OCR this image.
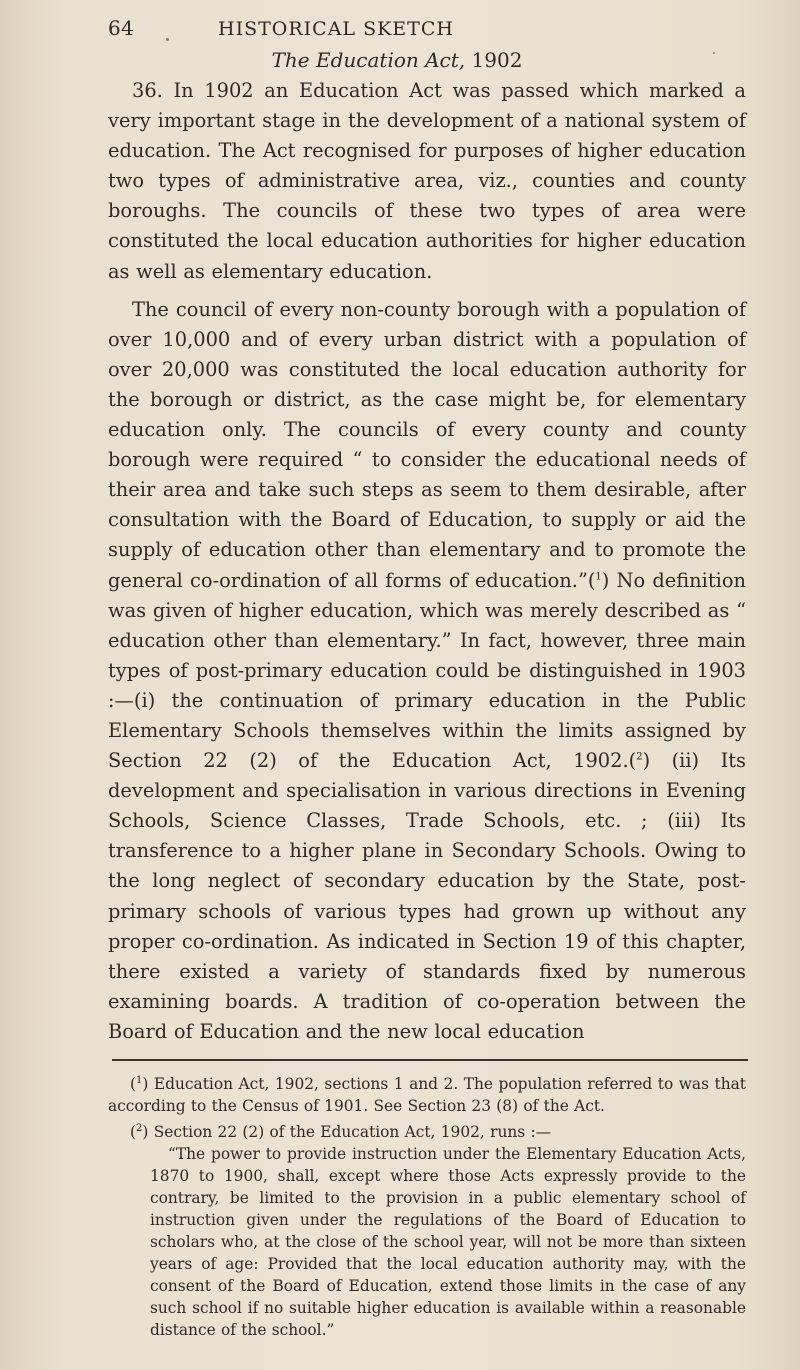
64	HISTORICAL SKETCH
The Education Act, 1902

36. In 1902 an Education Act was passed which marked a very important stage in the development of a national system of education. The Act recognised for purposes of higher education two types of administrative area, viz., counties and county boroughs. The councils of these two types of area were constituted the local education authorities for higher education as well as elementary education.

The council of every non-county borough with a population of over 10,000 and of every urban district with a population of over 20,000 was constituted the local education authority for the borough or district, as the case might be, for elementary education only. The councils of every county and county borough were required “ to consider the educational needs of their area and take such steps as seem to them desirable, after consultation with the Board of Education, to supply or aid the supply of education other than elementary and to promote the general co-ordination of all forms of education.”($^1$) No definition was given of higher education, which was merely described as “ education other than elementary.” In fact, however, three main types of post-primary education could be distinguished in 1903 :—(i) the continuation of primary education in the Public Elementary Schools themselves within the limits assigned by Section 22 (2) of the Education Act, 1902.($^2$) (ii) Its development and specialisation in various directions in Evening Schools, Science Classes, Trade Schools, etc. ; (iii) Its transference to a higher plane in Secondary Schools. Owing to the long neglect of secondary education by the State, post-primary schools of various types had grown up without any proper co-ordination. As indicated in Section 19 of this chapter, there existed a variety of standards fixed by numerous examining boards. A tradition of co-operation between the Board of Education and the new local education

($^1$) Education Act, 1902, sections 1 and 2. The population referred to was that according to the Census of 1901. See Section 23 (8) of the Act.

($^2$) Section 22 (2) of the Education Act, 1902, runs :—

“The power to provide instruction under the Elementary Education Acts, 1870 to 1900, shall, except where those Acts expressly provide to the contrary, be limited to the provision in a public elementary school of instruction given under the regulations of the Board of Education to scholars who, at the close of the school year, will not be more than sixteen years of age: Provided that the local education authority may, with the consent of the Board of Education, extend those limits in the case of any such school if no suitable higher education is available within a reasonable distance of the school.”
